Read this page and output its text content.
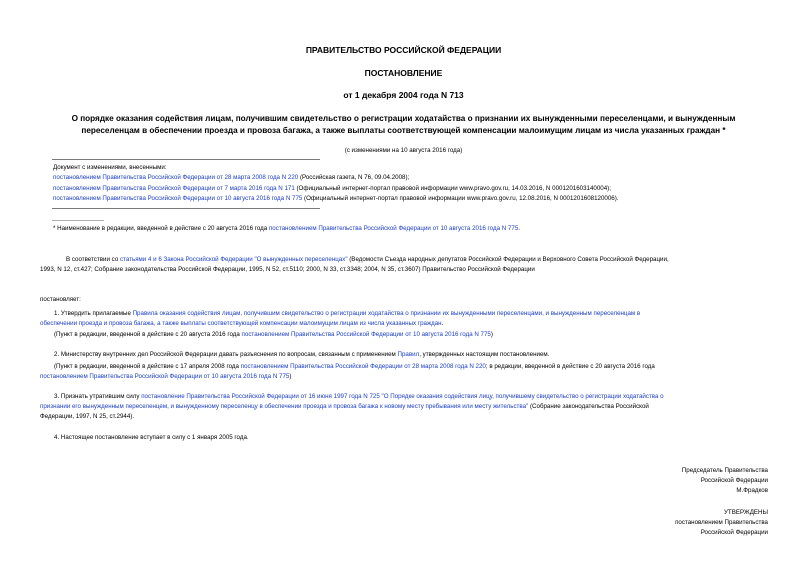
ПРАВИТЕЛЬСТВО РОССИЙСКОЙ ФЕДЕРАЦИИ
ПОСТАНОВЛЕНИЕ
от 1 декабря 2004 года N 713
О порядке оказания содействия лицам, получившим свидетельство о регистрации ходатайства о признании их вынужденными переселенцами, и вынужденным
переселенцам в обеспечении проезда и провоза багажа, а также выплаты соответствующей компенсации малоимущим лицам из числа указанных граждан *
(с изменениями на 10 августа 2016 года)
Документ с изменениями, внесенными:
постановлением Правительства Российской Федерации от 28 марта 2008 года N 220 (Российская газета, N 76, 09.04.2008);
постановлением Правительства Российской Федерации от 7 марта 2016 года N 171 (Официальный интернет-портал правовой информации www.pravo.gov.ru, 14.03.2016, N 0001201603140004);
постановлением Правительства Российской Федерации от 10 августа 2016 года N 775 (Официальный интернет-портал правовой информации www.pravo.gov.ru, 12.08.2016, N 0001201608120006).
* Наименование в редакции, введенной в действие с 20 августа 2016 года постановлением Правительства Российской Федерации от 10 августа 2016 года N 775.
В соответствии со статьями 4 и 6 Закона Российской Федерации "О вынужденных переселенцах" (Ведомости Съезда народных депутатов Российской Федерации и Верховного Совета Российской Федерации,
1993, N 12, ст.427; Собрание законодательства Российской Федерации, 1995, N 52, ст.5110; 2000, N 33, ст.3348; 2004, N 35, ст.3607) Правительство Российской Федерации
постановляет:
1. Утвердить прилагаемые Правила оказания содействия лицам, получившим свидетельство о регистрации ходатайства о признании их вынужденными переселенцами, и вынужденным переселенцам в
обеспечении проезда и провоза багажа, а также выплаты соответствующей компенсации малоимущим лицам из числа указанных граждан.
(Пункт в редакции, введенной в действие с 20 августа 2016 года постановлением Правительства Российской Федерации от 10 августа 2016 года N 775)
2. Министерству внутренних дел Российской Федерации давать разъяснения по вопросам, связанным с применением Правил, утвержденных настоящим постановлением.
(Пункт в редакции, введенной в действие с 17 апреля 2008 года постановлением Правительства Российской Федерации от 28 марта 2008 года N 220; в редакции, введенной в действие с 20 августа 2016 года
постановлением Правительства Российской Федерации от 10 августа 2016 года N 775)
3. Признать утратившим силу постановление Правительства Российской Федерации от 16 июня 1997 года N 725 "О Порядке оказания содействия лицу, получившему свидетельство о регистрации ходатайства о
признании его вынужденным переселенцем, и вынужденному переселенцу в обеспечении проезда и провоза багажа к новому месту пребывания или месту жительства" (Собрание законодательства Российской
Федерации, 1997, N 25, ст.2944).
4. Настоящее постановление вступает в силу с 1 января 2005 года.
Председатель Правительства
Российской Федерации
М.Фрадков
УТВЕРЖДЕНЫ
постановлением Правительства
Российской Федерации
